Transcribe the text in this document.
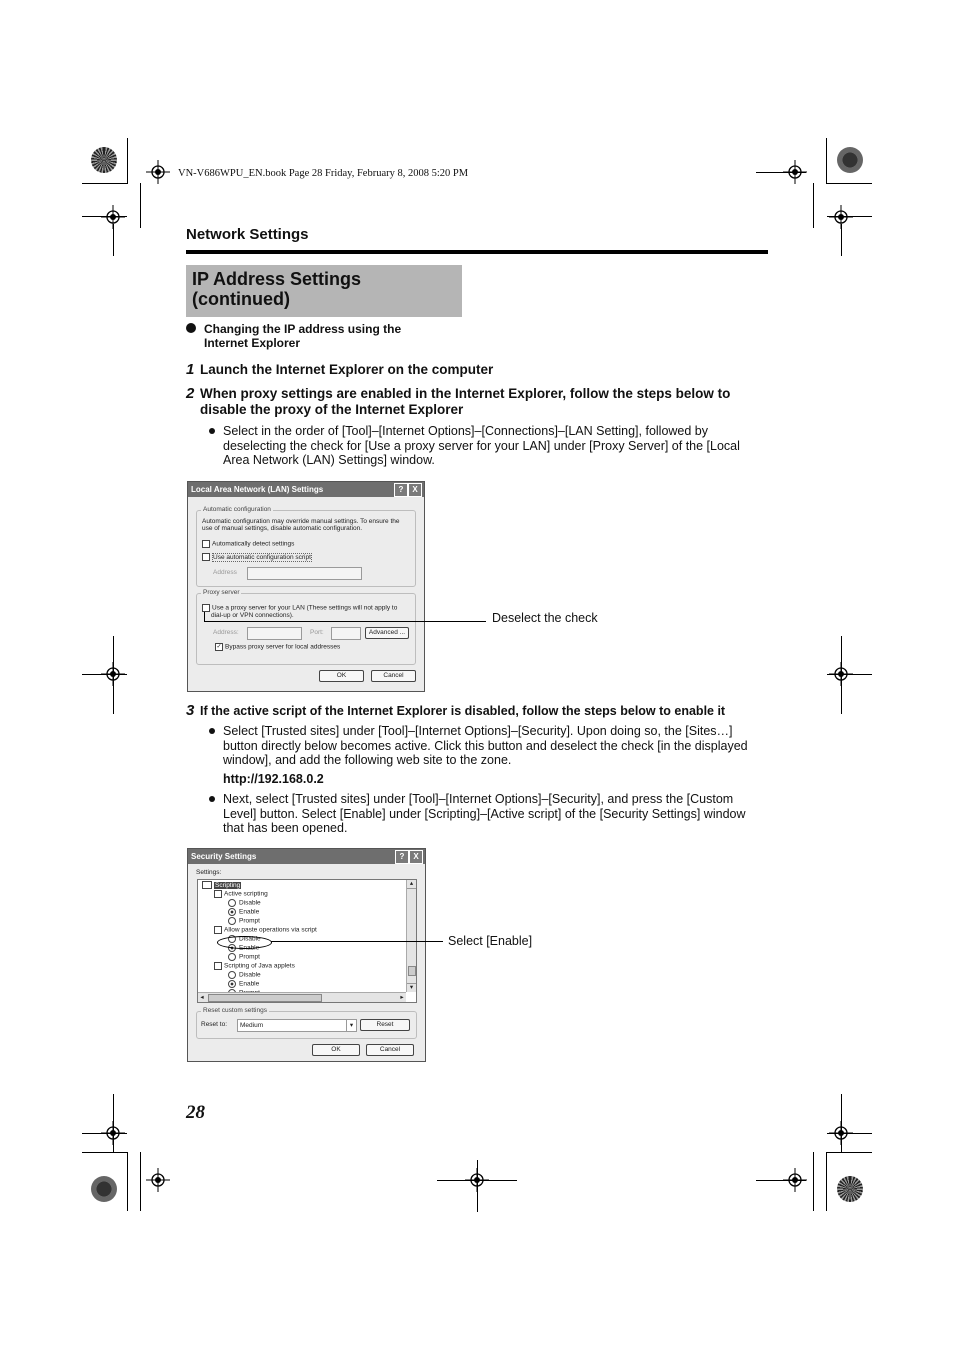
VN-V686WPU_EN.book Page 28 Friday, February 8, 2008 5:20 PM
Network Settings
IP Address Settings
(continued)
Changing the IP address using the
Internet Explorer
1 Launch the Internet Explorer on the computer
2 When proxy settings are enabled in the Internet Explorer, follow the steps below to
disable the proxy of the Internet Explorer
Select in the order of [Tool]–[Internet Options]–[Connections]–[LAN Setting], followed by
deselecting the check for [Use a proxy server for your LAN] under [Proxy Server] of the [Local
Area Network (LAN) Settings] window.
Local Area Network (LAN) Settings	?	X
Automatic configuration
Automatic configuration may override manual settings. To ensure the
use of manual settings, disable automatic configuration.
Automatically detect settings
Use automatic configuration script
Address
Proxy server
Use a proxy server for your LAN (These settings will not apply to
dial-up or VPN connections).
Address:	Port:	Advanced ...
✓ Bypass proxy server for local addresses
OK	Cancel
Deselect the check
3 If the active script of the Internet Explorer is disabled, follow the steps below to enable it
Select [Trusted sites] under [Tool]–[Internet Options]–[Security]. Upon doing so, the [Sites…]
button directly below becomes active. Click this button and deselect the check [in the displayed
window], and add the following web site to the zone.
http://192.168.0.2
Next, select [Trusted sites] under [Tool]–[Internet Options]–[Security], and press the [Custom
Level] button. Select [Enable] under [Scripting]–[Active script] of the [Security Settings] window
that has been opened.
Security Settings	?	X
Settings:
Scripting
Active scripting
Disable
Enable
Prompt
Allow paste operations via script
Disable
Enable
Prompt
Scripting of Java applets
Disable
Enable
▴
▾
◂	▸
Reset custom settings
Reset to:	Medium	▾	Reset
OK	Cancel
Select [Enable]
28
